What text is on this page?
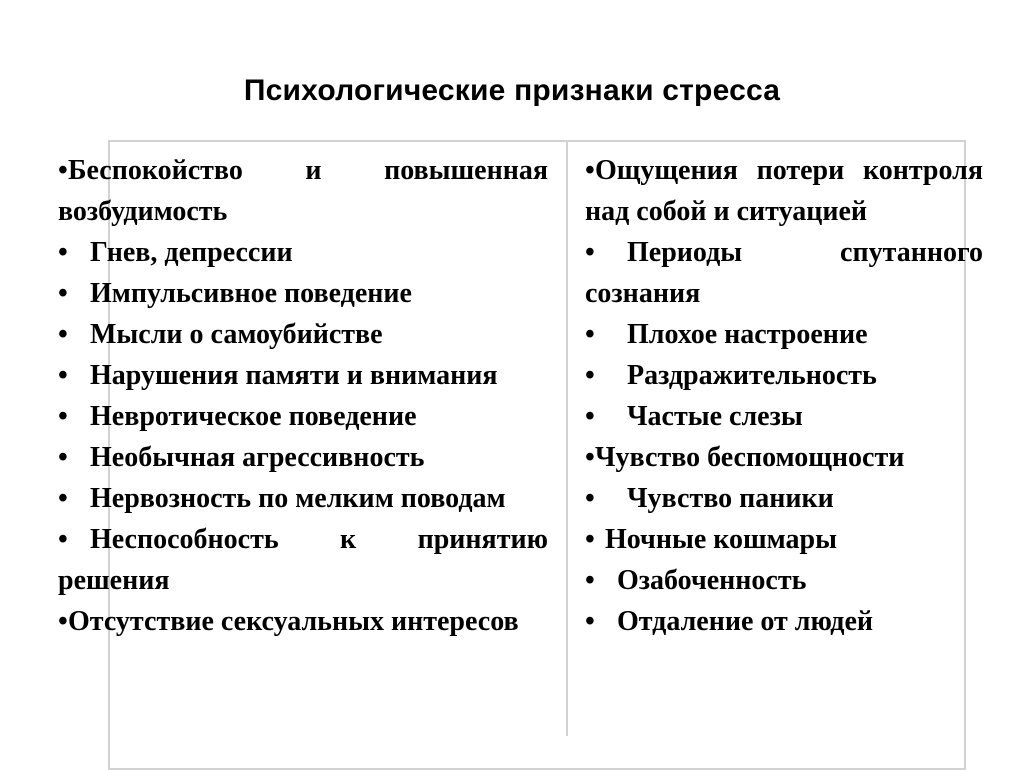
Психологические признаки стресса
•Беспокойство и повышенная возбудимость
• Гнев, депрессии
• Импульсивное поведение
• Мысли о самоубийстве
• Нарушения памяти и внимания
• Невротическое поведение
• Необычная агрессивность
• Нервозность по мелким поводам
• Неспособность к принятию решения
•Отсутствие сексуальных интересов
•Ощущения потери контроля над собой и ситуацией
• Периоды спутанного сознания
• Плохое настроение
• Раздражительность
• Частые слезы
•Чувство беспомощности
• Чувство паники
• Ночные кошмары
• Озабоченность
• Отдаление от людей
